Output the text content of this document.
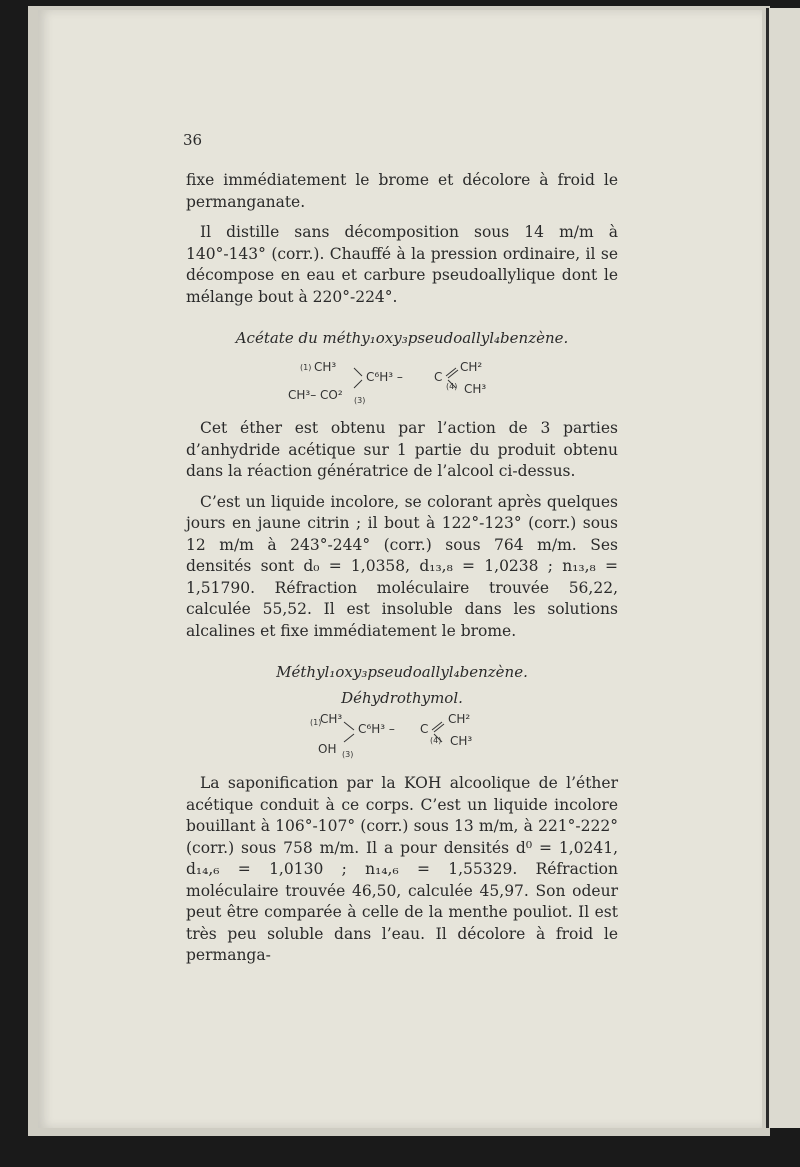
36

fixe immédiatement le brome et décolore à froid le permanganate.

Il distille sans décomposition sous 14 m/m à 140°-143° (corr.). Chauffé à la pression ordinaire, il se décompose en eau et carbure pseudoallylique dont le mélange bout à 220°-224°.

Acétate du méthy₁oxy₃pseudoallyl₄benzène.

(1) CH³
C⁶H³ –	C
CH²
CH³
(4)
CH³– CO² (3)

Cet éther est obtenu par l’action de 3 parties d’anhydride acétique sur 1 partie du produit obtenu dans la réaction génératrice de l’alcool ci-dessus.

C’est un liquide incolore, se colorant après quelques jours en jaune citrin ; il bout à 122°-123° (corr.) sous 12 m/m à 243°-244° (corr.) sous 764 m/m. Ses densités sont d₀ = 1,0358, d₁₃,₈ = 1,0238 ; n₁₃,₈ = 1,51790. Réfraction moléculaire trouvée 56,22, calculée 55,52. Il est insoluble dans les solutions alcalines et fixe immédiatement le brome.

Méthyl₁oxy₃pseudoallyl₄benzène.

Déhydrothymol.

(1)
CH³
C⁶H³ – C
CH²
CH³
(4)
OH (3)

La saponification par la KOH alcoolique de l’éther acétique conduit à ce corps. C’est un liquide incolore bouillant à 106°-107° (corr.) sous 13 m/m, à 221°-222° (corr.) sous 758 m/m. Il a pour densités d⁰ = 1,0241, d₁₄,₆ = 1,0130 ; n₁₄,₆ = 1,55329. Réfraction moléculaire trouvée 46,50, calculée 45,97. Son odeur peut être comparée à celle de la menthe pouliot. Il est très peu soluble dans l’eau. Il décolore à froid le permanga-
